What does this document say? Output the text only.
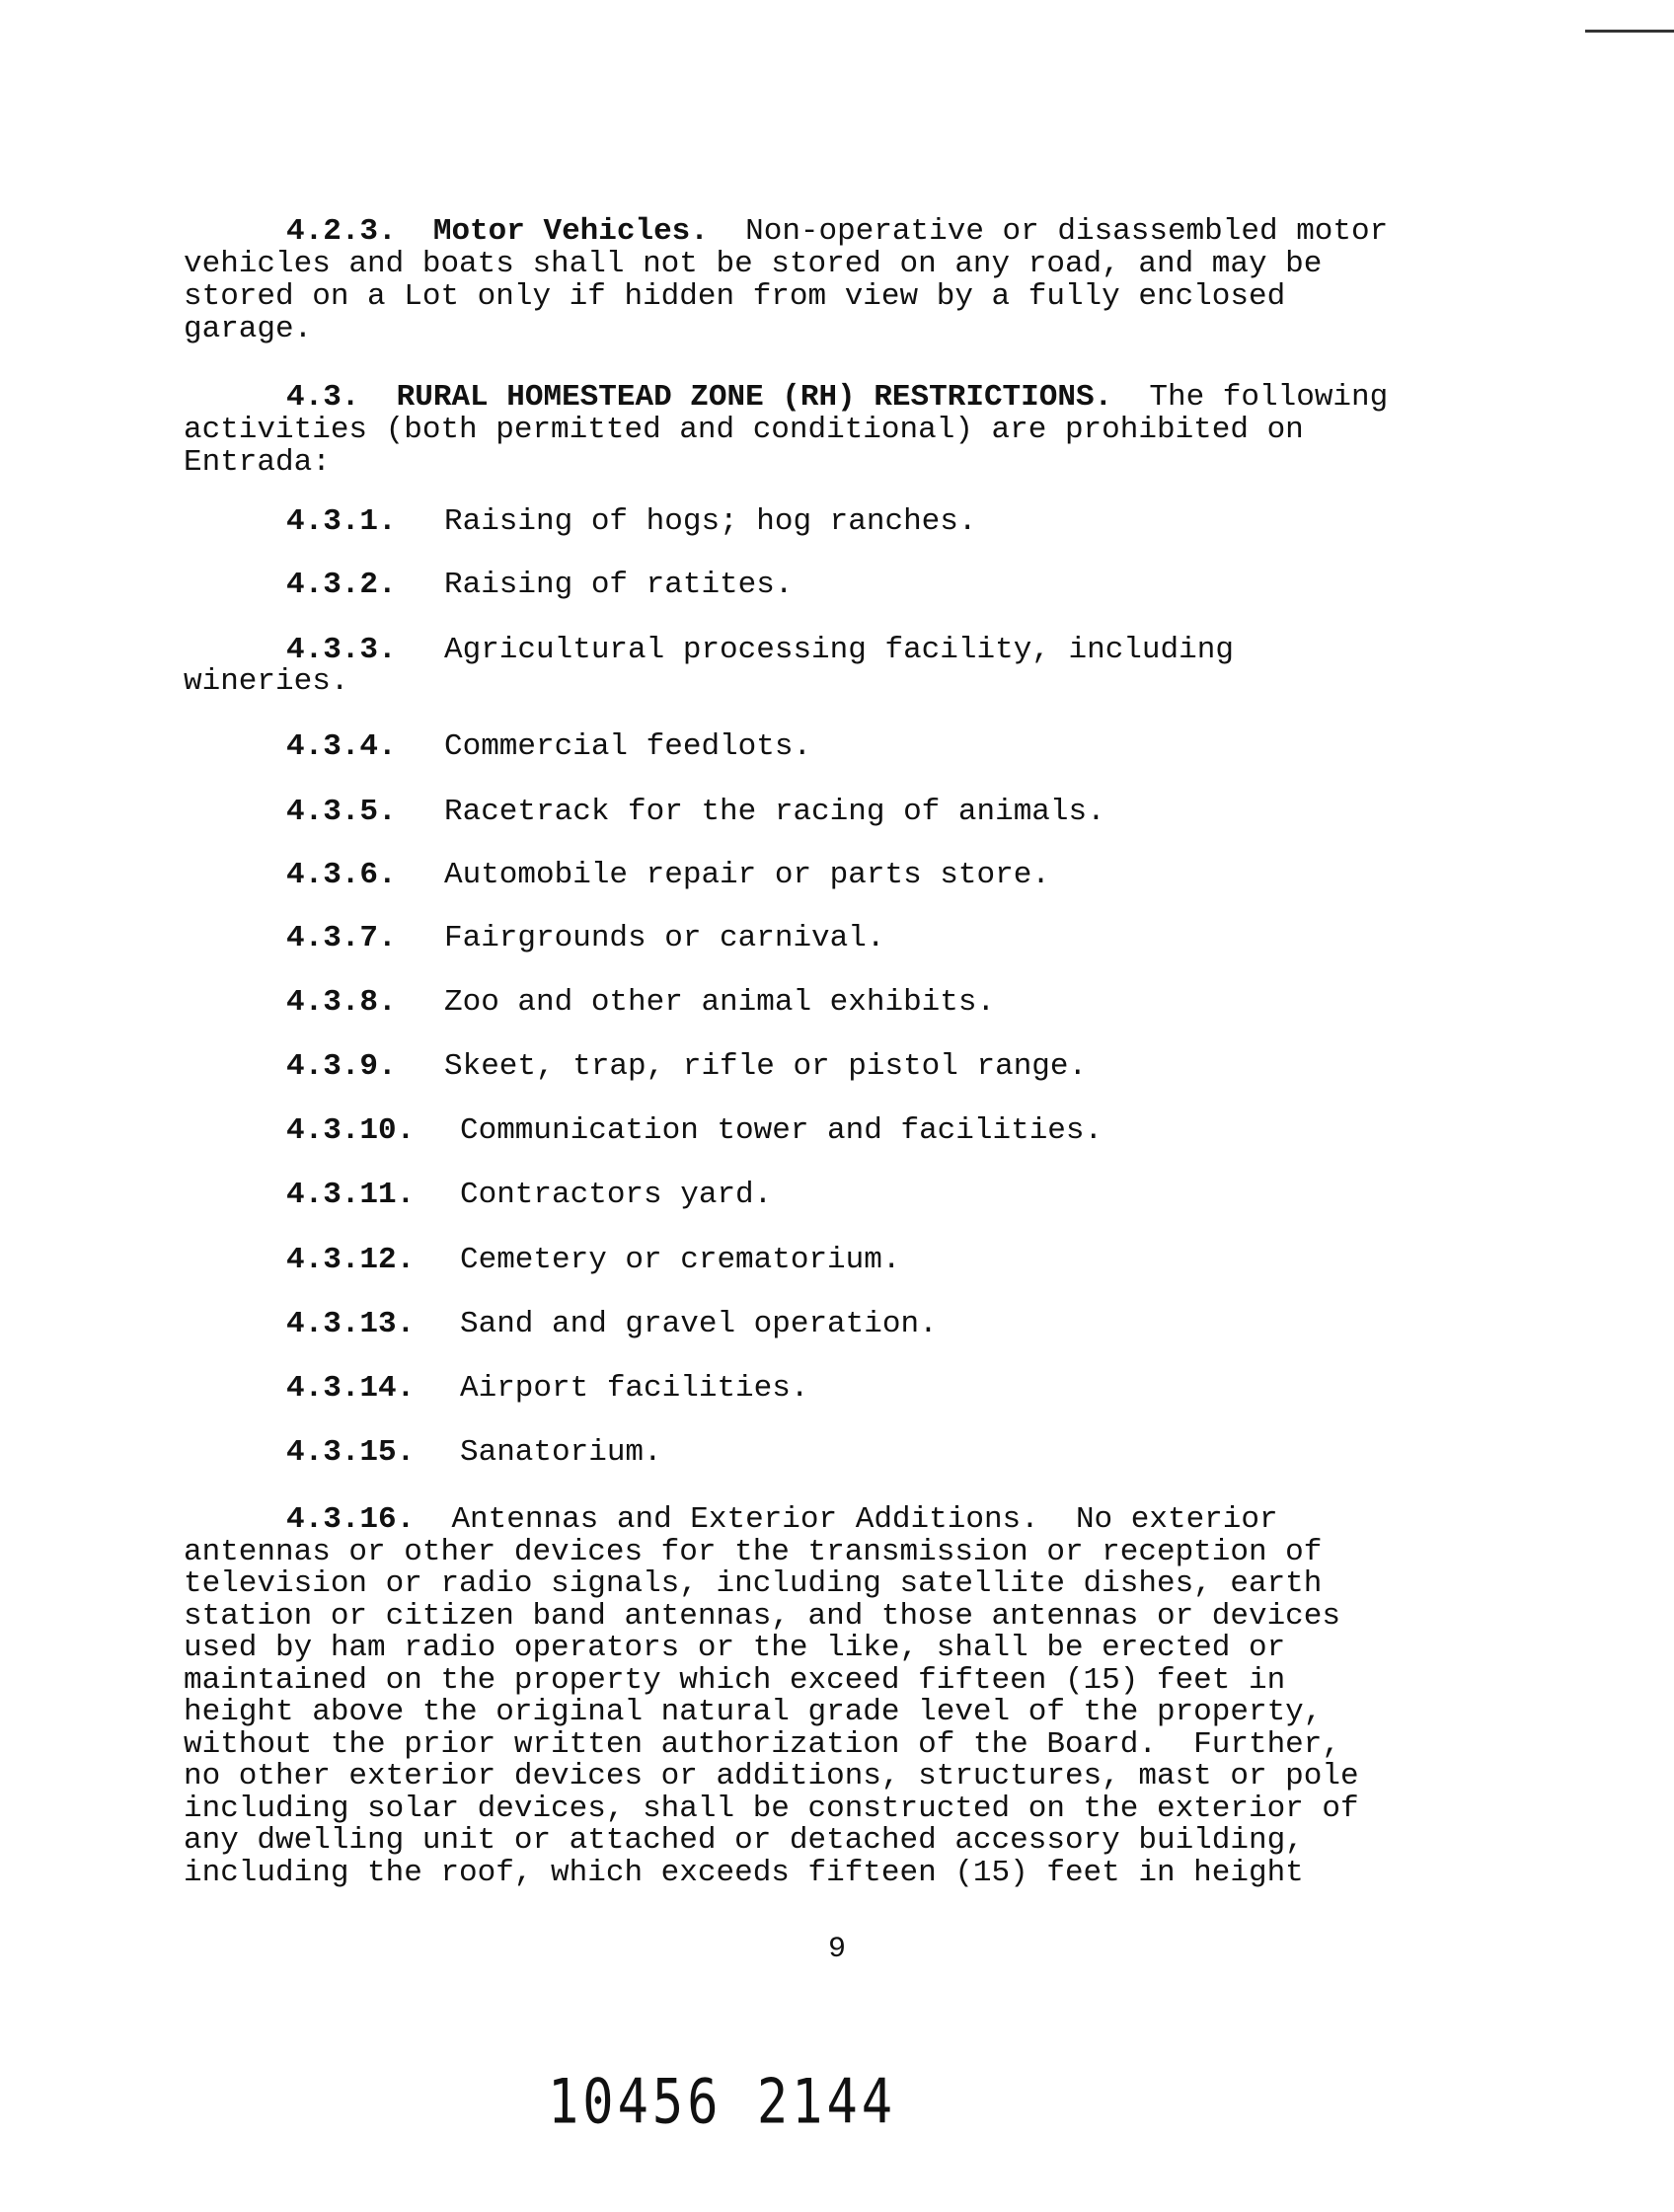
4.2.3. Motor Vehicles. Non-operative or disassembled motor
vehicles and boats shall not be stored on any road, and may be
stored on a Lot only if hidden from view by a fully enclosed
garage.
4.3. RURAL HOMESTEAD ZONE (RH) RESTRICTIONS. The following
activities (both permitted and conditional) are prohibited on
Entrada:
4.3.1. Raising of hogs; hog ranches.
4.3.2. Raising of ratites.
4.3.3. Agricultural processing facility, including
wineries.
4.3.4. Commercial feedlots.
4.3.5. Racetrack for the racing of animals.
4.3.6. Automobile repair or parts store.
4.3.7. Fairgrounds or carnival.
4.3.8. Zoo and other animal exhibits.
4.3.9. Skeet, trap, rifle or pistol range.
4.3.10. Communication tower and facilities.
4.3.11. Contractors yard.
4.3.12. Cemetery or crematorium.
4.3.13. Sand and gravel operation.
4.3.14. Airport facilities.
4.3.15. Sanatorium.
4.3.16. Antennas and Exterior Additions.  No exterior
antennas or other devices for the transmission or reception of
television or radio signals, including satellite dishes, earth
station or citizen band antennas, and those antennas or devices
used by ham radio operators or the like, shall be erected or
maintained on the property which exceed fifteen (15) feet in
height above the original natural grade level of the property,
without the prior written authorization of the Board.  Further,
no other exterior devices or additions, structures, mast or pole
including solar devices, shall be constructed on the exterior of
any dwelling unit or attached or detached accessory building,
including the roof, which exceeds fifteen (15) feet in height
9
10456 2144
